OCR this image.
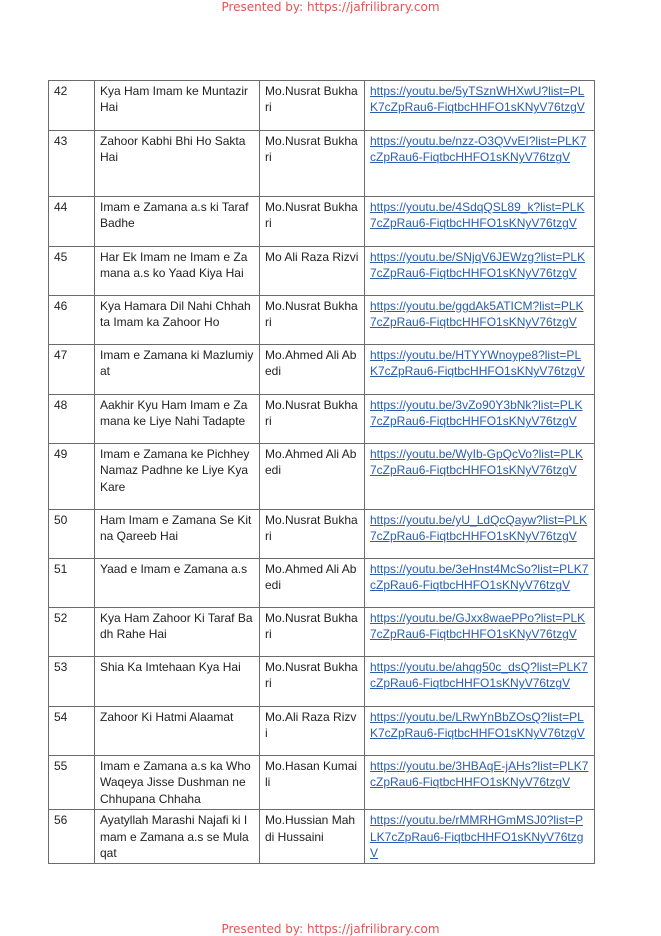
Presented by: https://jafrilibrary.com
42	Kya Ham Imam ke Muntazir Hai	Mo.Nusrat Bukhari	https://youtu.be/5yTSznWHXwU?list=PLK7cZpRau6-FiqtbcHHFO1sKNyV76tzgV
43	Zahoor Kabhi Bhi Ho Sakta Hai	Mo.Nusrat Bukhari	https://youtu.be/nzz-O3QVvEI?list=PLK7cZpRau6-FiqtbcHHFO1sKNyV76tzgV
44	Imam e Zamana a.s ki Taraf Badhe	Mo.Nusrat Bukhari	https://youtu.be/4SdqQSL89_k?list=PLK7cZpRau6-FiqtbcHHFO1sKNyV76tzgV
45	Har Ek Imam ne Imam e Zamana a.s ko Yaad Kiya Hai	Mo Ali Raza Rizvi	https://youtu.be/SNjqV6JEWzg?list=PLK7cZpRau6-FiqtbcHHFO1sKNyV76tzgV
46	Kya Hamara Dil Nahi Chhahta Imam ka Zahoor Ho	Mo.Nusrat Bukhari	https://youtu.be/ggdAk5ATICM?list=PLK7cZpRau6-FiqtbcHHFO1sKNyV76tzgV
47	Imam e Zamana ki Mazlumiyat	Mo.Ahmed Ali Abedi	https://youtu.be/HTYYWnoype8?list=PLK7cZpRau6-FiqtbcHHFO1sKNyV76tzgV
48	Aakhir Kyu Ham Imam e Zamana ke Liye Nahi Tadapte	Mo.Nusrat Bukhari	https://youtu.be/3vZo90Y3bNk?list=PLK7cZpRau6-FiqtbcHHFO1sKNyV76tzgV
49	Imam e Zamana ke Pichhey Namaz Padhne ke Liye Kya Kare	Mo.Ahmed Ali Abedi	https://youtu.be/WyIb-GpQcVo?list=PLK7cZpRau6-FiqtbcHHFO1sKNyV76tzgV
50	Ham Imam e Zamana Se Kitna Qareeb Hai	Mo.Nusrat Bukhari	https://youtu.be/yU_LdQcQayw?list=PLK7cZpRau6-FiqtbcHHFO1sKNyV76tzgV
51	Yaad e Imam e Zamana a.s	Mo.Ahmed Ali Abedi	https://youtu.be/3eHnst4McSo?list=PLK7cZpRau6-FiqtbcHHFO1sKNyV76tzgV
52	Kya Ham Zahoor Ki Taraf Badh Rahe Hai	Mo.Nusrat Bukhari	https://youtu.be/GJxx8waePPo?list=PLK7cZpRau6-FiqtbcHHFO1sKNyV76tzgV
53	Shia Ka Imtehaan Kya Hai	Mo.Nusrat Bukhari	https://youtu.be/ahqg50c_dsQ?list=PLK7cZpRau6-FiqtbcHHFO1sKNyV76tzgV
54	Zahoor Ki Hatmi Alaamat	Mo.Ali Raza Rizvi	https://youtu.be/LRwYnBbZOsQ?list=PLK7cZpRau6-FiqtbcHHFO1sKNyV76tzgV
55	Imam e Zamana a.s ka Who Waqeya Jisse Dushman ne Chhupana Chhaha	Mo.Hasan Kumaili	https://youtu.be/3HBAqE-jAHs?list=PLK7cZpRau6-FiqtbcHHFO1sKNyV76tzgV
56	Ayatyllah Marashi Najafi ki Imam e Zamana a.s se Mulaqat	Mo.Hussian Mahdi Hussaini	https://youtu.be/rMMRHGmMSJ0?list=PLK7cZpRau6-FiqtbcHHFO1sKNyV76tzgV
Presented by: https://jafrilibrary.com
